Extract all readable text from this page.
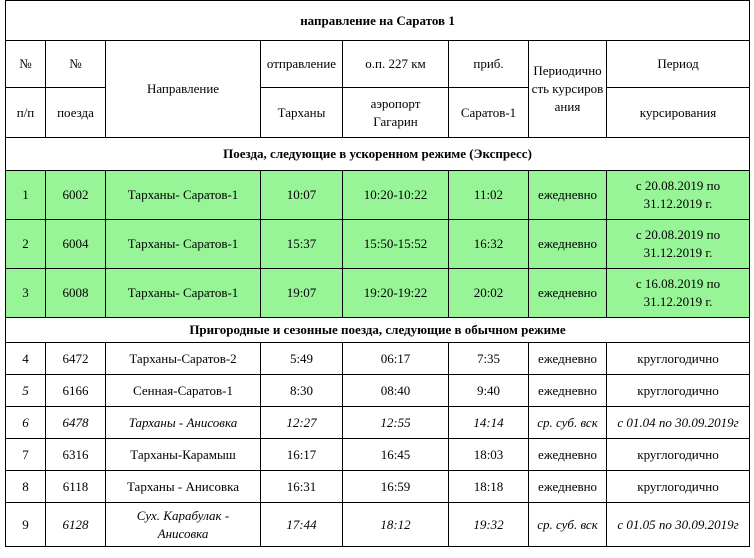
направление на Саратов 1							
№	№	Направление	отправление	о.п. 227 км	приб.	Периодичность курсирования	Период
п/п	поезда		Тарханы	аэропорт Гагарин	Саратов-1		курсирования
Поезда, следующие в ускоренном режиме (Экспресс)							
1	6002	Тарханы- Саратов-1	10:07	10:20-10:22	11:02	ежедневно	с 20.08.2019 по 31.12.2019 г.
2	6004	Тарханы- Саратов-1	15:37	15:50-15:52	16:32	ежедневно	с 20.08.2019 по 31.12.2019 г.
3	6008	Тарханы- Саратов-1	19:07	19:20-19:22	20:02	ежедневно	с 16.08.2019 по 31.12.2019 г.
Пригородные и сезонные поезда, следующие в обычном режиме							
4	6472	Тарханы-Саратов-2	5:49	06:17	7:35	ежедневно	круглогодично
5	6166	Сенная-Саратов-1	8:30	08:40	9:40	ежедневно	круглогодично
6	6478	Тарханы - Анисовка	12:27	12:55	14:14	ср. суб. вск	с 01.04 по 30.09.2019г
7	6316	Тарханы-Карамыш	16:17	16:45	18:03	ежедневно	круглогодично
8	6118	Тарханы - Анисовка	16:31	16:59	18:18	ежедневно	круглогодично
9	6128	Сух. Карабулак - Анисовка	17:44	18:12	19:32	ср. суб. вск	с 01.05 по 30.09.2019г
